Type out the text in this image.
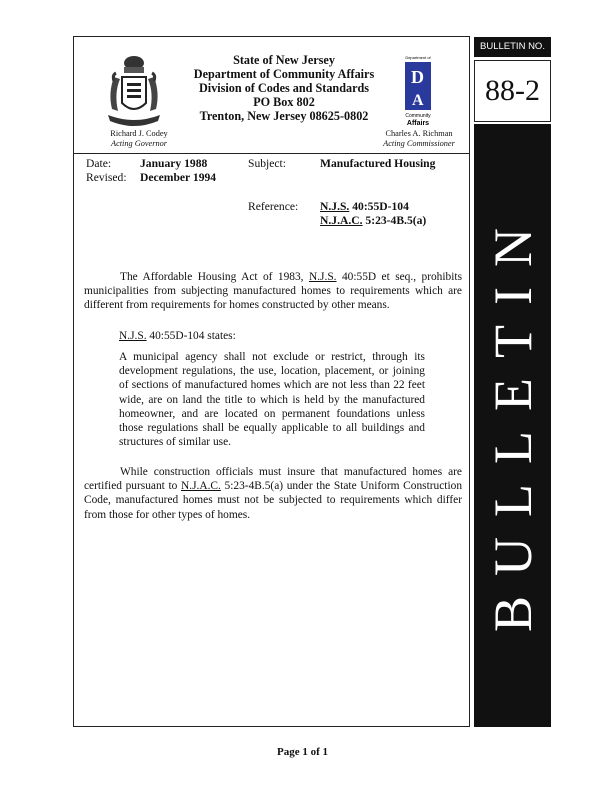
State of New Jersey
Department of Community Affairs
Division of Codes and Standards
PO Box 802
Trenton, New Jersey 08625-0802
Department of
D
A
Community
Affairs
Richard J. Codey
Acting Governor
Charles A. Richman
Acting Commissioner
Date: January 1988
Revised: December 1994
Subject:	Manufactured Housing
Reference: N.J.S. 40:55D-104
N.J.A.C. 5:23-4B.5(a)
The Affordable Housing Act of 1983, N.J.S. 40:55D et seq., prohibits municipalities from subjecting manufactured homes to requirements which are different from requirements for homes constructed by other means.
N.J.S. 40:55D-104 states:
A municipal agency shall not exclude or restrict, through its development regulations, the use, location, placement, or joining of sections of manufactured homes which are not less than 22 feet wide, are on land the title to which is held by the manufactured homeowner, and are located on permanent foundations unless those regulations shall be equally applicable to all buildings and structures of similar use.
While construction officials must insure that manufactured homes are certified pursuant to N.J.A.C. 5:23-4B.5(a) under the State Uniform Construction Code, manufactured homes must not be subjected to requirements which differ from those for other types of homes.
BULLETIN NO.
88-2
BULLETIN
Page 1 of 1
